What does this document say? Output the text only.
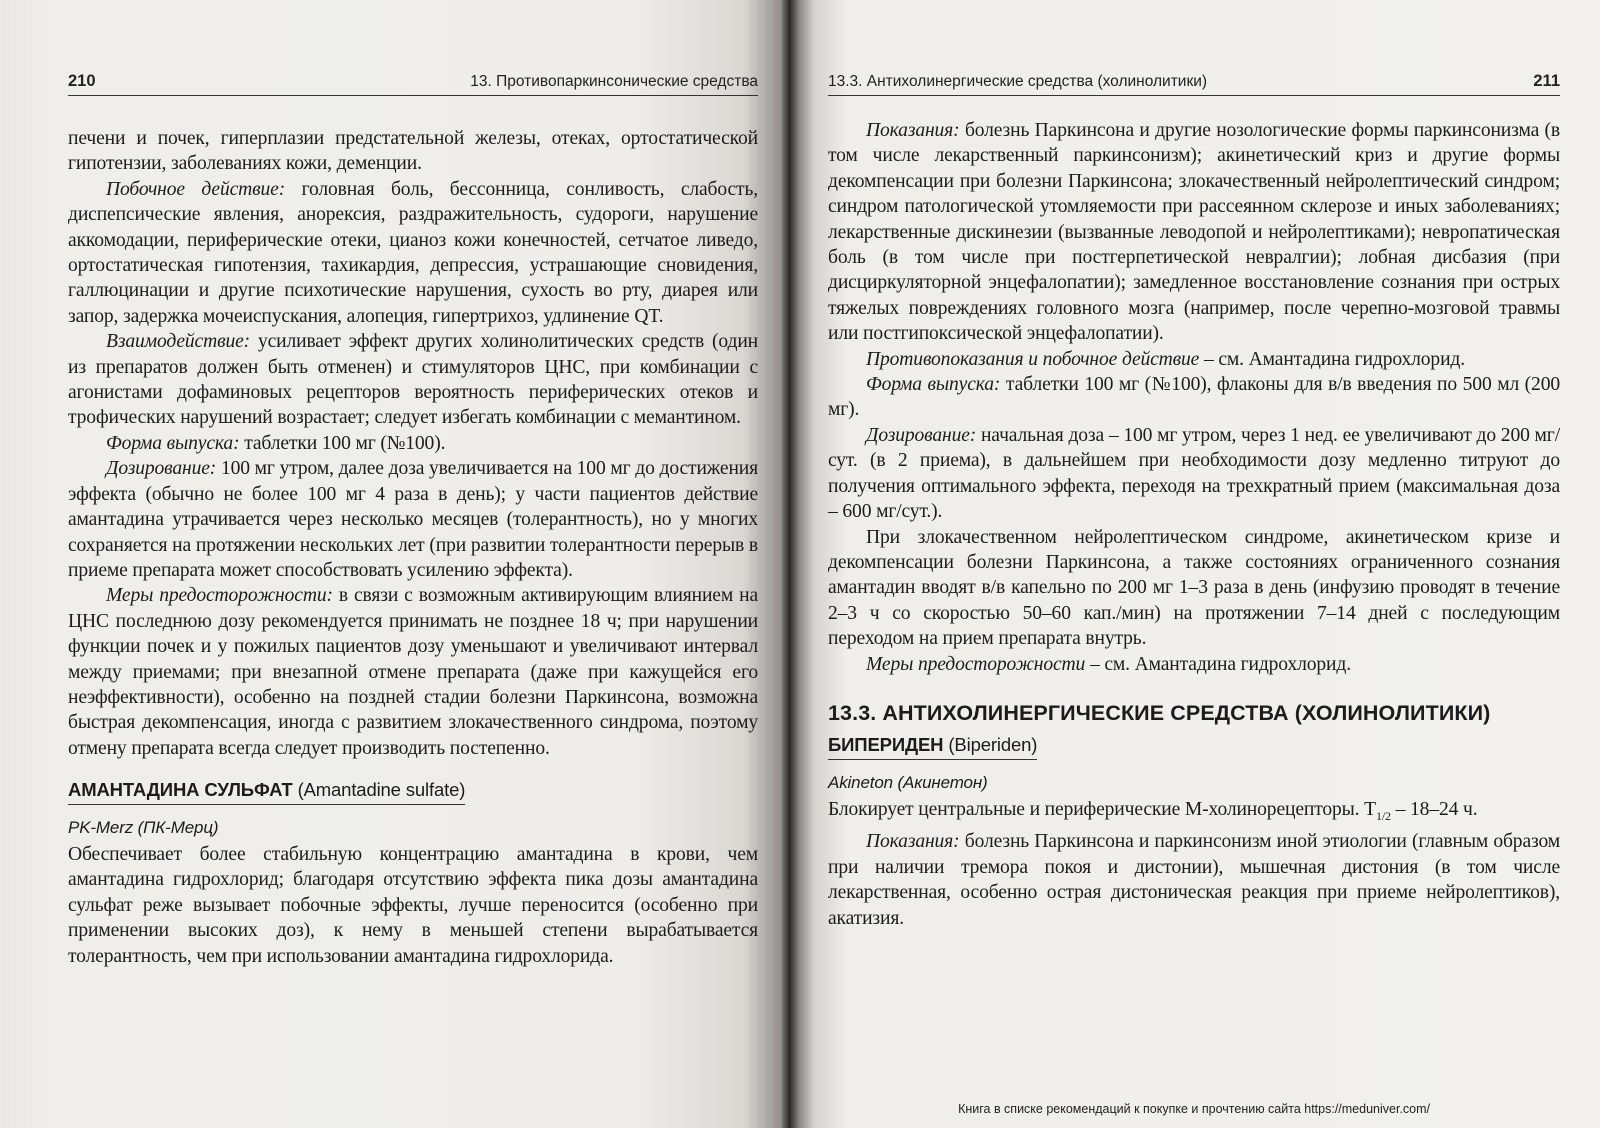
210	13. Противопаркинсонические средства

печени и почек, гиперплазии предстательной железы, отеках, ортостатической гипотензии, заболеваниях кожи, деменции.

Побочное действие: головная боль, бессонница, сонливость, слабость, диспепсические явления, анорексия, раздражительность, судороги, нарушение аккомодации, периферические отеки, цианоз кожи конечностей, сетчатое ливедо, ортостатическая гипотензия, тахикардия, депрессия, устрашающие сновидения, галлюцинации и другие психотические нарушения, сухость во рту, диарея или запор, задержка мочеиспускания, алопеция, гипертрихоз, удлинение QT.

Взаимодействие: усиливает эффект других холинолитических средств (один из препаратов должен быть отменен) и стимуляторов ЦНС, при комбинации с агонистами дофаминовых рецепторов вероятность периферических отеков и трофических нарушений возрастает; следует избегать комбинации с мемантином.

Форма выпуска: таблетки 100 мг (№100).

Дозирование: 100 мг утром, далее доза увеличивается на 100 мг до достижения эффекта (обычно не более 100 мг 4 раза в день); у части пациентов действие амантадина утрачивается через несколько месяцев (толерантность), но у многих сохраняется на протяжении нескольких лет (при развитии толерантности перерыв в приеме препарата может способствовать усилению эффекта).

Меры предосторожности: в связи с возможным активирующим влиянием на ЦНС последнюю дозу рекомендуется принимать не позднее 18 ч; при нарушении функции почек и у пожилых пациентов дозу уменьшают и увеличивают интервал между приемами; при внезапной отмене препарата (даже при кажущейся его неэффективности), особенно на поздней стадии болезни Паркинсона, возможна быстрая декомпенсация, иногда с развитием злокачественного синдрома, поэтому отмену препарата всегда следует производить постепенно.

АМАНТАДИНА СУЛЬФАТ (Amantadine sulfate)
PK-Merz (ПК-Мерц)

Обеспечивает более стабильную концентрацию амантадина в крови, чем амантадина гидрохлорид; благодаря отсутствию эффекта пика дозы амантадина сульфат реже вызывает побочные эффекты, лучше переносится (особенно при применении высоких доз), к нему в меньшей степени вырабатывается толерантность, чем при использовании амантадина гидрохлорида.

13.3. Антихолинергические средства (холинолитики)	211

Показания: болезнь Паркинсона и другие нозологические формы паркинсонизма (в том числе лекарственный паркинсонизм); акинетический криз и другие формы декомпенсации при болезни Паркинсона; злокачественный нейролептический синдром; синдром патологической утомляемости при рассеянном склерозе и иных заболеваниях; лекарственные дискинезии (вызванные леводопой и нейролептиками); невропатическая боль (в том числе при постгерпетической невралгии); лобная дисбазия (при дисциркуляторной энцефалопатии); замедленное восстановление сознания при острых тяжелых повреждениях головного мозга (например, после черепно-мозговой травмы или постгипоксической энцефалопатии).

Противопоказания и побочное действие – см. Амантадина гидрохлорид.

Форма выпуска: таблетки 100 мг (№100), флаконы для в/в введения по 500 мл (200 мг).

Дозирование: начальная доза – 100 мг утром, через 1 нед. ее увеличивают до 200 мг/сут. (в 2 приема), в дальнейшем при необходимости дозу медленно титруют до получения оптимального эффекта, переходя на трехкратный прием (максимальная доза – 600 мг/сут.).

При злокачественном нейролептическом синдроме, акинетическом кризе и декомпенсации болезни Паркинсона, а также состояниях ограниченного сознания амантадин вводят в/в капельно по 200 мг 1–3 раза в день (инфузию проводят в течение 2–3 ч со скоростью 50–60 кап./мин) на протяжении 7–14 дней с последующим переходом на прием препарата внутрь.

Меры предосторожности – см. Амантадина гидрохлорид.

13.3. АНТИХОЛИНЕРГИЧЕСКИЕ СРЕДСТВА (ХОЛИНОЛИТИКИ)
БИПЕРИДЕН (Biperiden)
Akineton (Акинетон)

Блокирует центральные и периферические М-холинорецепторы. $T_{1/2} - 18-24$ ч.

Показания: болезнь Паркинсона и паркинсонизм иной этиологии (главным образом при наличии тремора покоя и дистонии), мышечная дистония (в том числе лекарственная, особенно острая дистоническая реакция при приеме нейролептиков), акатизия.

Книга в списке рекомендаций к покупке и прочтению сайта https://meduniver.com/
